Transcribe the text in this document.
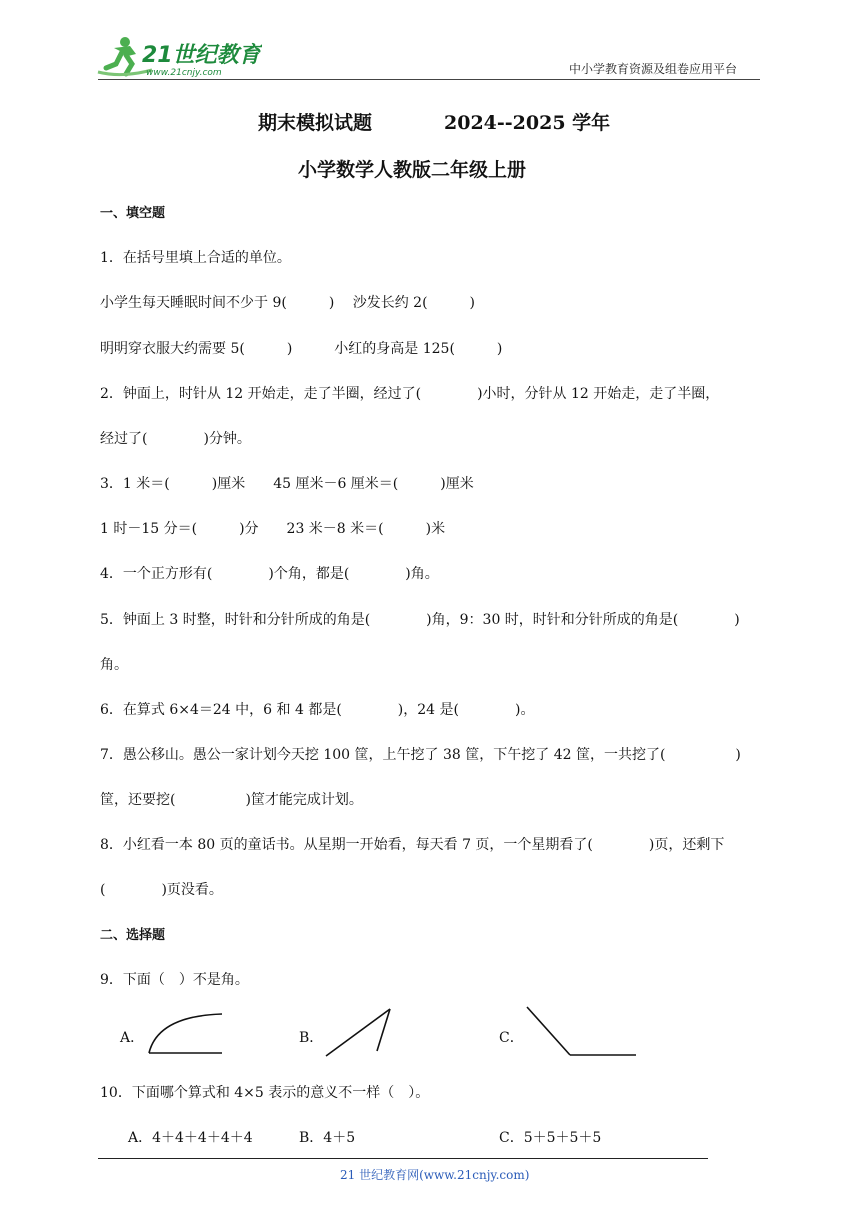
21世纪教育
www.21cnjy.com	中小学教育资源及组卷应用平台
期末模拟试题	2024--2025 学年
小学数学人教版二年级上册
一、填空题
1．在括号里填上合适的单位。
小学生每天睡眠时间不少于 9(　　　)　 沙发长约 2(　　　)
明明穿衣服大约需要 5(　　　)　　　小红的身高是 125(　　　)
2．钟面上，时针从 12 开始走，走了半圈，经过了(　　　　)小时，分针从 12 开始走，走了半圈，
经过了(　　　　)分钟。
3．1 米＝(　　　)厘米　　45 厘米－6 厘米＝(　　　)厘米
1 时－15 分＝(　　　)分　　23 米－8 米＝(　　　)米
4．一个正方形有(　　　　)个角，都是(　　　　)角。
5．钟面上 3 时整，时针和分针所成的角是(　　　　)角，9：30 时，时针和分针所成的角是(　　　　)
角。
6．在算式 6×4＝24 中，6 和 4 都是(　　　　)，24 是(　　　　)。
7．愚公移山。愚公一家计划今天挖 100 筐，上午挖了 38 筐，下午挖了 42 筐，一共挖了(　　　　　)
筐，还要挖(　　　　　)筐才能完成计划。
8．小红看一本 80 页的童话书。从星期一开始看，每天看 7 页，一个星期看了(　　　　)页，还剩下
(　　　　)页没看。
二、选择题
9．下面（　）不是角。
A．	B．	C．
10．下面哪个算式和 4×5 表示的意义不一样（　）。
A．4＋4＋4＋4＋4	B．4＋5	C．5＋5＋5＋5
21 世纪教育网(www.21cnjy.com)
